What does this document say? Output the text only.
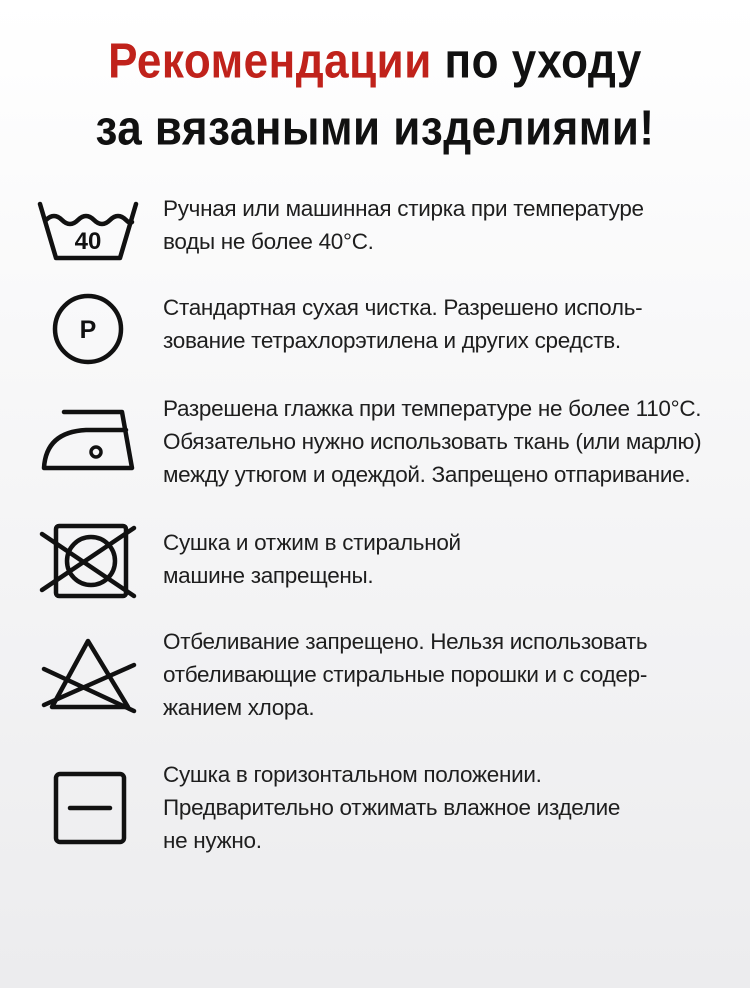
Рекомендации по уходу
за вязаными изделиями!
40
Ручная или машинная стирка при температуре
воды не более 40°С.
P
Стандартная сухая чистка. Разрешено исполь-
зование тетрахлорэтилена и других средств.
Разрешена глажка при температуре не более 110°С.
Обязательно нужно использовать ткань (или марлю)
между утюгом и одеждой. Запрещено отпаривание.
Сушка и отжим в стиральной
машине запрещены.
Отбеливание запрещено. Нельзя использовать
отбеливающие стиральные порошки и с содер-
жанием хлора.
Сушка в горизонтальном положении.
Предварительно отжимать влажное изделие
не нужно.
